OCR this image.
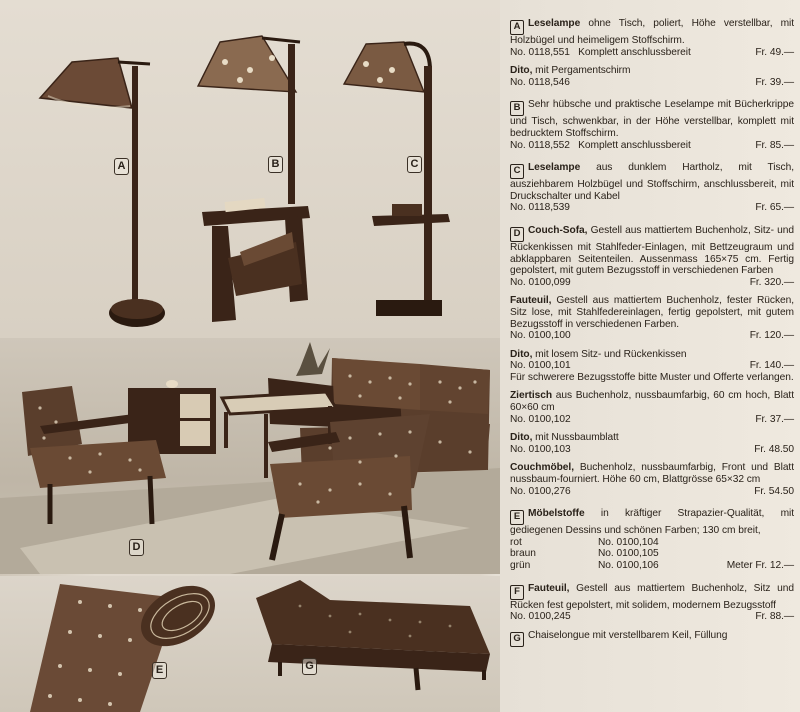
A	B	C
D
E	G

A Leselampe ohne Tisch, poliert, Höhe verstellbar, mit Holzbügel und heimeligem Stoffschirm.

No. 0118,551 Komplett anschlussbereit	Fr. 49.—

Dito, mit Pergamentschirm

No. 0118,546	Fr. 39.—

B Sehr hübsche und praktische Leselampe mit Bücherkrippe und Tisch, schwenkbar, in der Höhe verstellbar, komplett mit bedrucktem Stoffschirm.

No. 0118,552 Komplett anschlussbereit	Fr. 85.—

C Leselampe aus dunklem Hartholz, mit Tisch, ausziehbarem Holzbügel und Stoffschirm, anschlussbereit, mit Druckschalter und Kabel

No. 0118,539	Fr. 65.—

D Couch-Sofa, Gestell aus mattiertem Buchenholz, Sitz- und Rückenkissen mit Stahlfeder-Einlagen, mit Bettzeugraum und abklappbaren Seitenteilen. Aussenmass 165×75 cm. Fertig gepolstert, mit gutem Bezugsstoff in verschiedenen Farben

No. 0100,099	Fr. 320.—

Fauteuil, Gestell aus mattiertem Buchenholz, fester Rücken, Sitz lose, mit Stahlfedereinlagen, fertig gepolstert, mit gutem Bezugsstoff in verschiedenen Farben.

No. 0100,100	Fr. 120.—

Dito, mit losem Sitz- und Rückenkissen

No. 0100,101	Fr. 140.—

Für schwerere Bezugsstoffe bitte Muster und Offerte verlangen.

Ziertisch aus Buchenholz, nussbaumfarbig, 60 cm hoch, Blatt 60×60 cm

No. 0100,102	Fr. 37.—

Dito, mit Nussbaumblatt

No. 0100,103	Fr. 48.50

Couchmöbel, Buchenholz, nussbaumfarbig, Front und Blatt nussbaum-fourniert. Höhe 60 cm, Blattgrösse 65×32 cm

No. 0100,276	Fr. 54.50

E Möbelstoffe in kräftiger Strapazier-Qualität, mit gediegenen Dessins und schönen Farben; 130 cm breit,

rot	No. 0100,104
braun	No. 0100,105
grün	No. 0100,106	Meter Fr. 12.—

F Fauteuil, Gestell aus mattiertem Buchenholz, Sitz und Rücken fest gepolstert, mit solidem, modernem Bezugsstoff

No. 0100,245	Fr. 88.—

G Chaiselongue mit verstellbarem Keil, Füllung
